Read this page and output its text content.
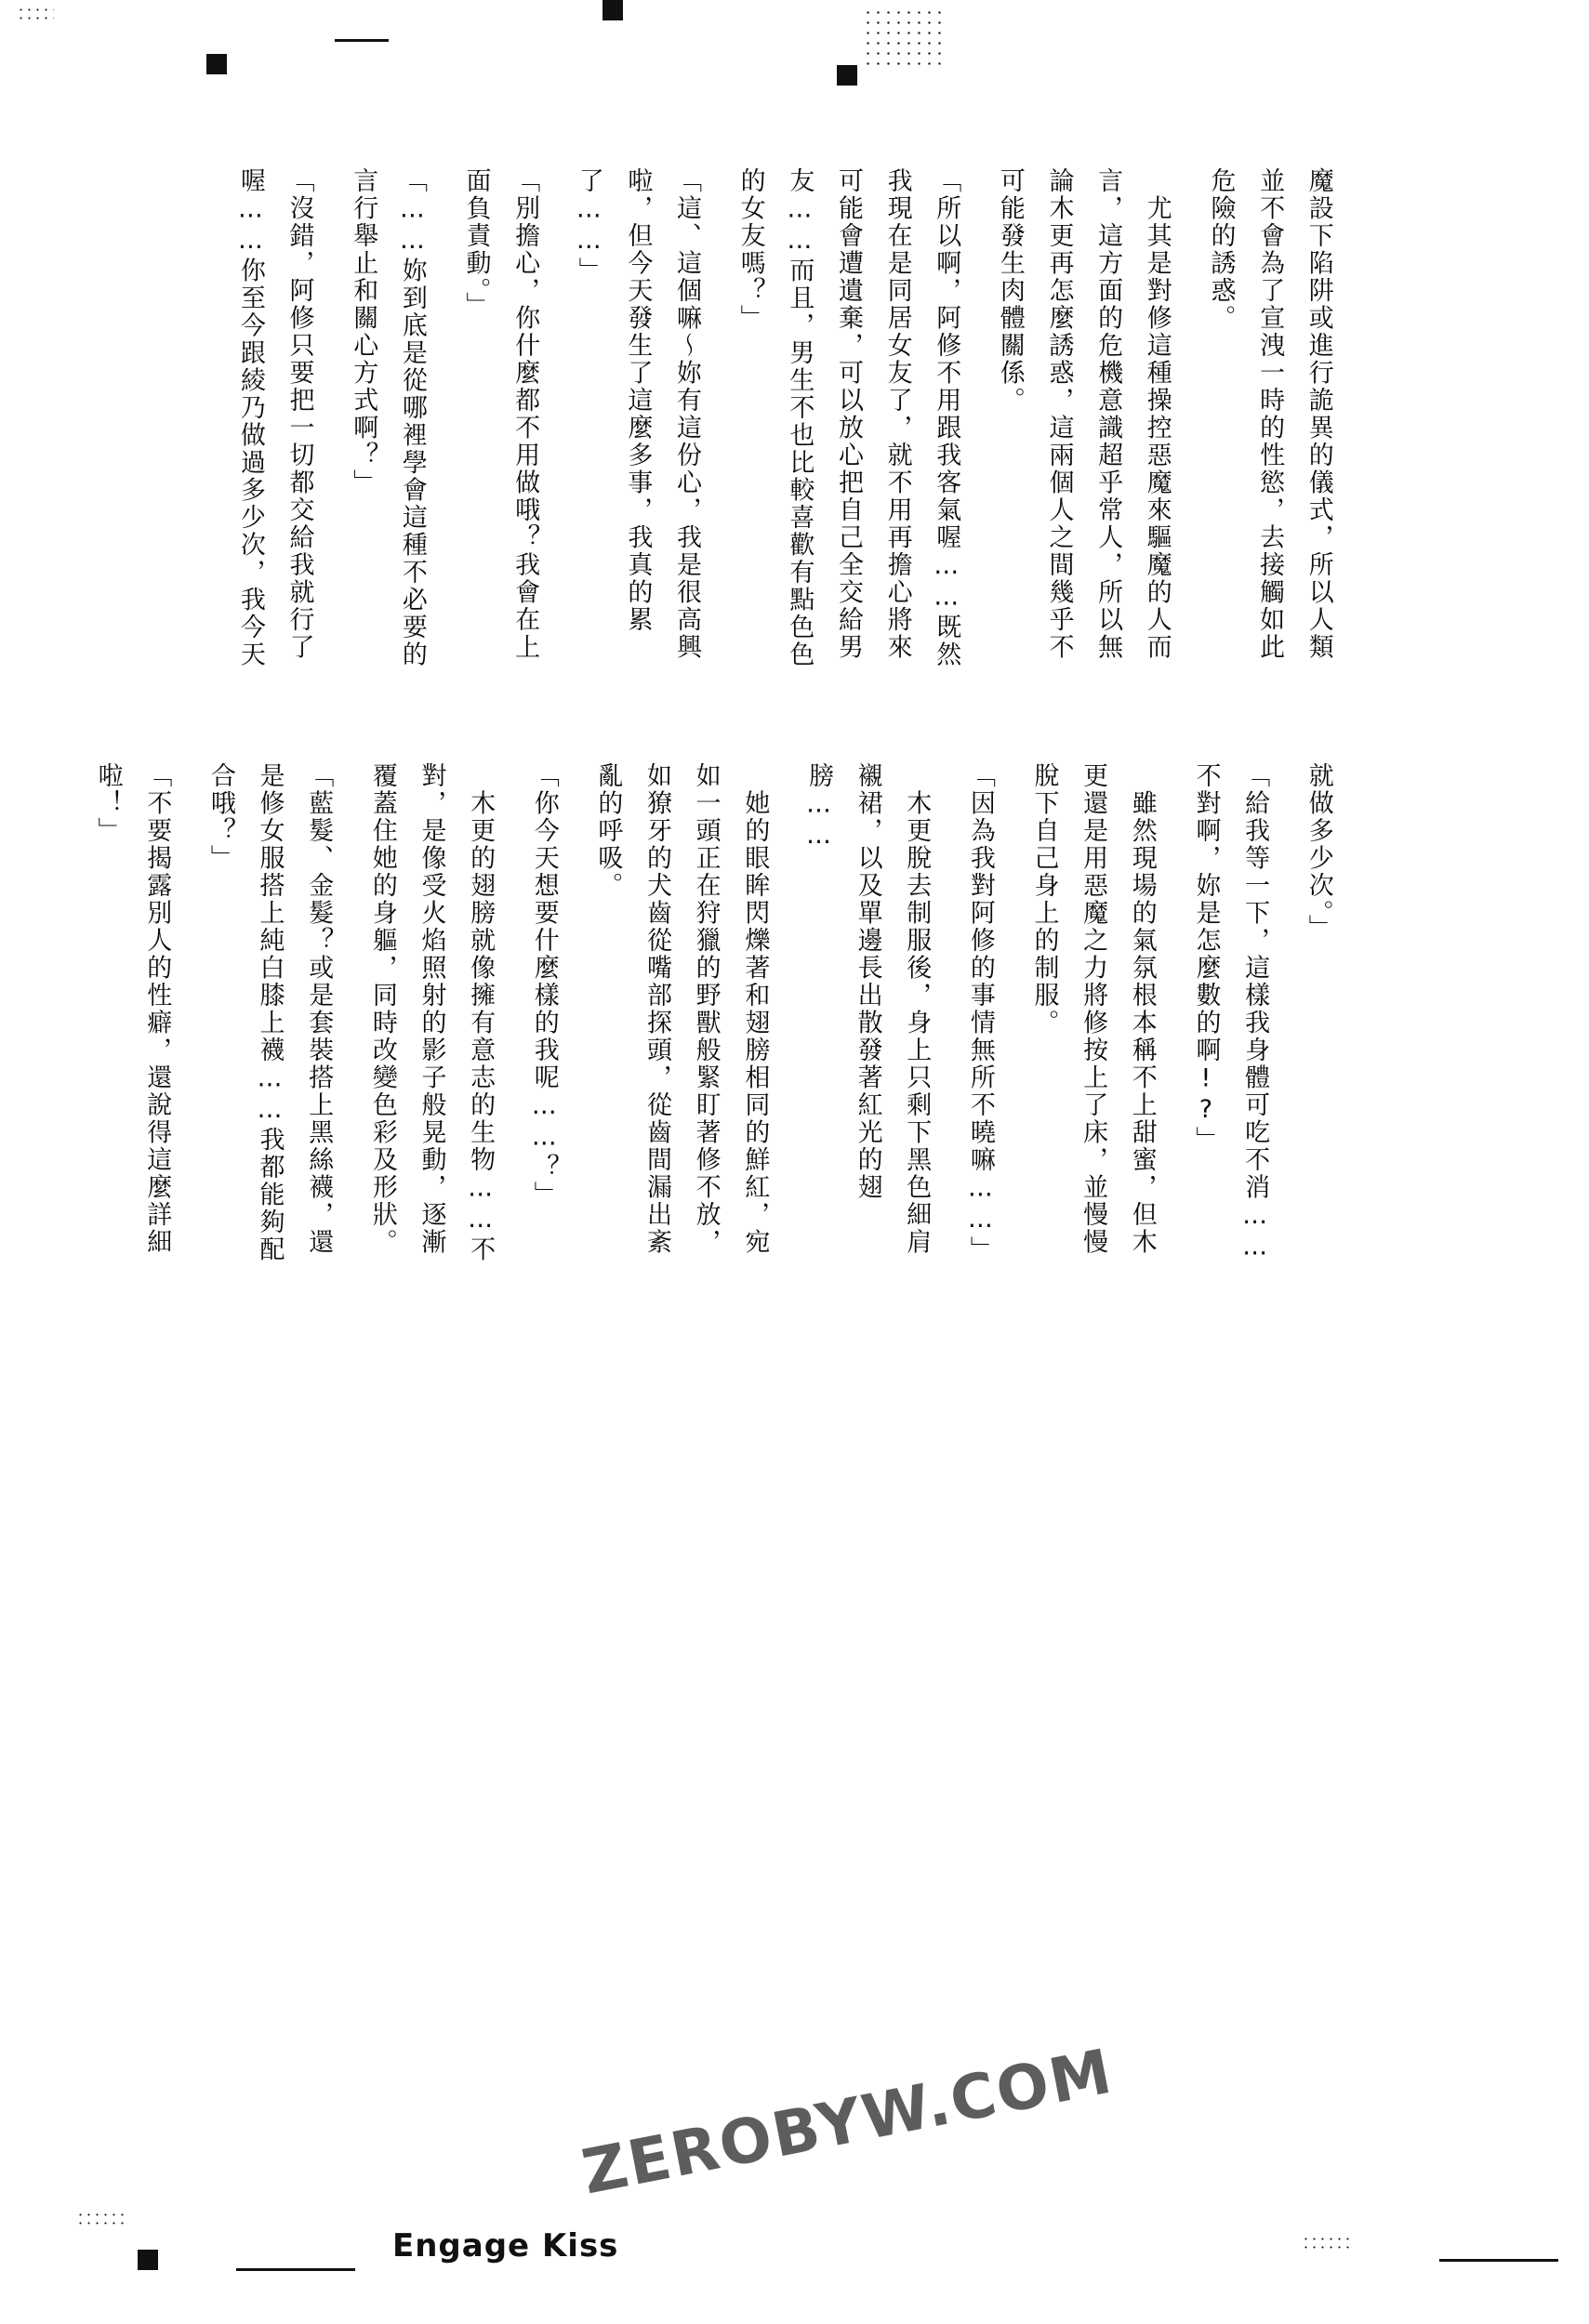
魔設下陷阱或進行詭異的儀式，所以人類並不會為了宣洩一時的性慾，去接觸如此危險的誘惑。　尤其是對修這種操控惡魔來驅魔的人而言，這方面的危機意識超乎常人，所以無論木更再怎麼誘惑，這兩個人之間幾乎不可能發生肉體關係。「所以啊，阿修不用跟我客氣喔……既然我現在是同居女友了，就不用再擔心將來可能會遭遺棄，可以放心把自己全交給男友……而且，男生不也比較喜歡有點色色的女友嗎？」「這、這個嘛～妳有這份心，我是很高興啦，但今天發生了這麼多事，我真的累了……」「別擔心，你什麼都不用做哦？我會在上面負責動。」「……妳到底是從哪裡學會這種不必要的言行舉止和關心方式啊？」「沒錯，阿修只要把一切都交給我就行了喔……你至今跟綾乃做過多少次，我今天

就做多少次。」「給我等一下，這樣我身體可吃不消……不對啊，妳是怎麼數的啊!?」　雖然現場的氣氛根本稱不上甜蜜，但木更還是用惡魔之力將修按上了床，並慢慢脫下自己身上的制服。「因為我對阿修的事情無所不曉嘛……」　木更脫去制服後，身上只剩下黑色細肩襯裙，以及單邊長出散發著紅光的翅膀……　她的眼眸閃爍著和翅膀相同的鮮紅，宛如一頭正在狩獵的野獸般緊盯著修不放，如獠牙的犬齒從嘴部探頭，從齒間漏出紊亂的呼吸。「你今天想要什麼樣的我呢……？」　木更的翅膀就像擁有意志的生物……不對，是像受火焰照射的影子般晃動，逐漸覆蓋住她的身軀，同時改變色彩及形狀。「藍髮、金髮？或是套裝搭上黑絲襪，還是修女服搭上純白膝上襪……我都能夠配合哦？」「不要揭露別人的性癖，還說得這麼詳細啦！」

Engage Kiss
ZEROBYW.COM
